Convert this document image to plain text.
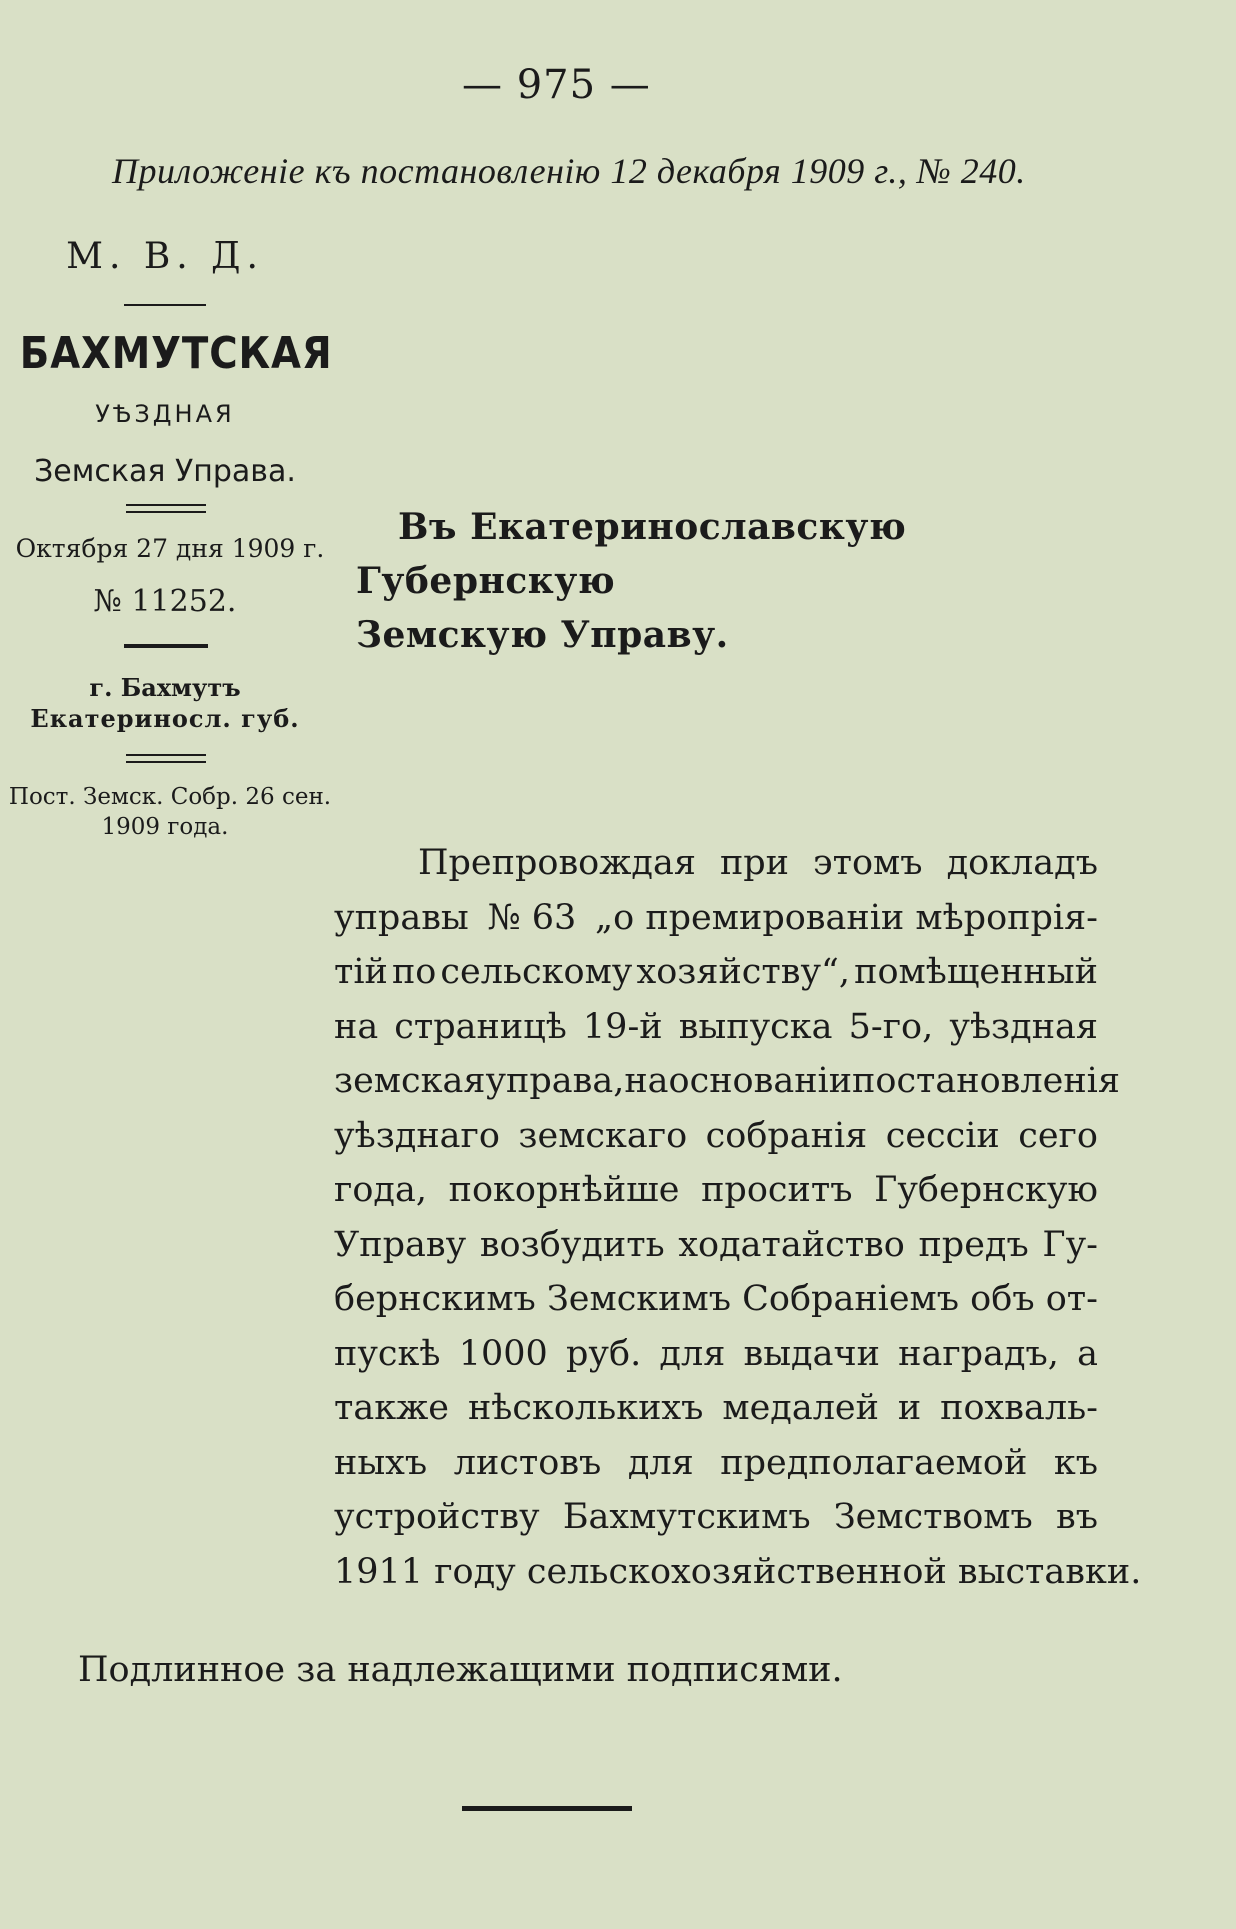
— 975 —
Приложеніе къ постановленію 12 декабря 1909 г., № 240.
М. В. Д.
БАХМУТСКАЯ
УѢЗДНАЯ
Земская Управа.
Октября 27 дня 1909 г.
№ 11252.
г. Бахмутъ
Екатериносл. губ.
Пост. Земск. Собр. 26 сен.
1909 года.
Въ Екатеринославскую Губернскую
Земскую Управу.
Препровождая при этомъ докладъ
управы № 63 „о премированіи мѣропрія-
тій по сельскому хозяйству“, помѣщенный
на страницѣ 19-й выпуска 5-го, уѣздная
земская управа, на основаніи постановленія
уѣзднаго земскаго собранія сессіи сего
года, покорнѣйше проситъ Губернскую
Управу возбудить ходатайство предъ Гу-
бернскимъ Земскимъ Собраніемъ объ от-
пускѣ 1000 руб. для выдачи наградъ, а
также нѣсколькихъ медалей и похваль-
ныхъ листовъ для предполагаемой къ
устройству Бахмутскимъ Земствомъ въ
1911 году сельскохозяйственной выставки.
Подлинное за надлежащими подписями.
